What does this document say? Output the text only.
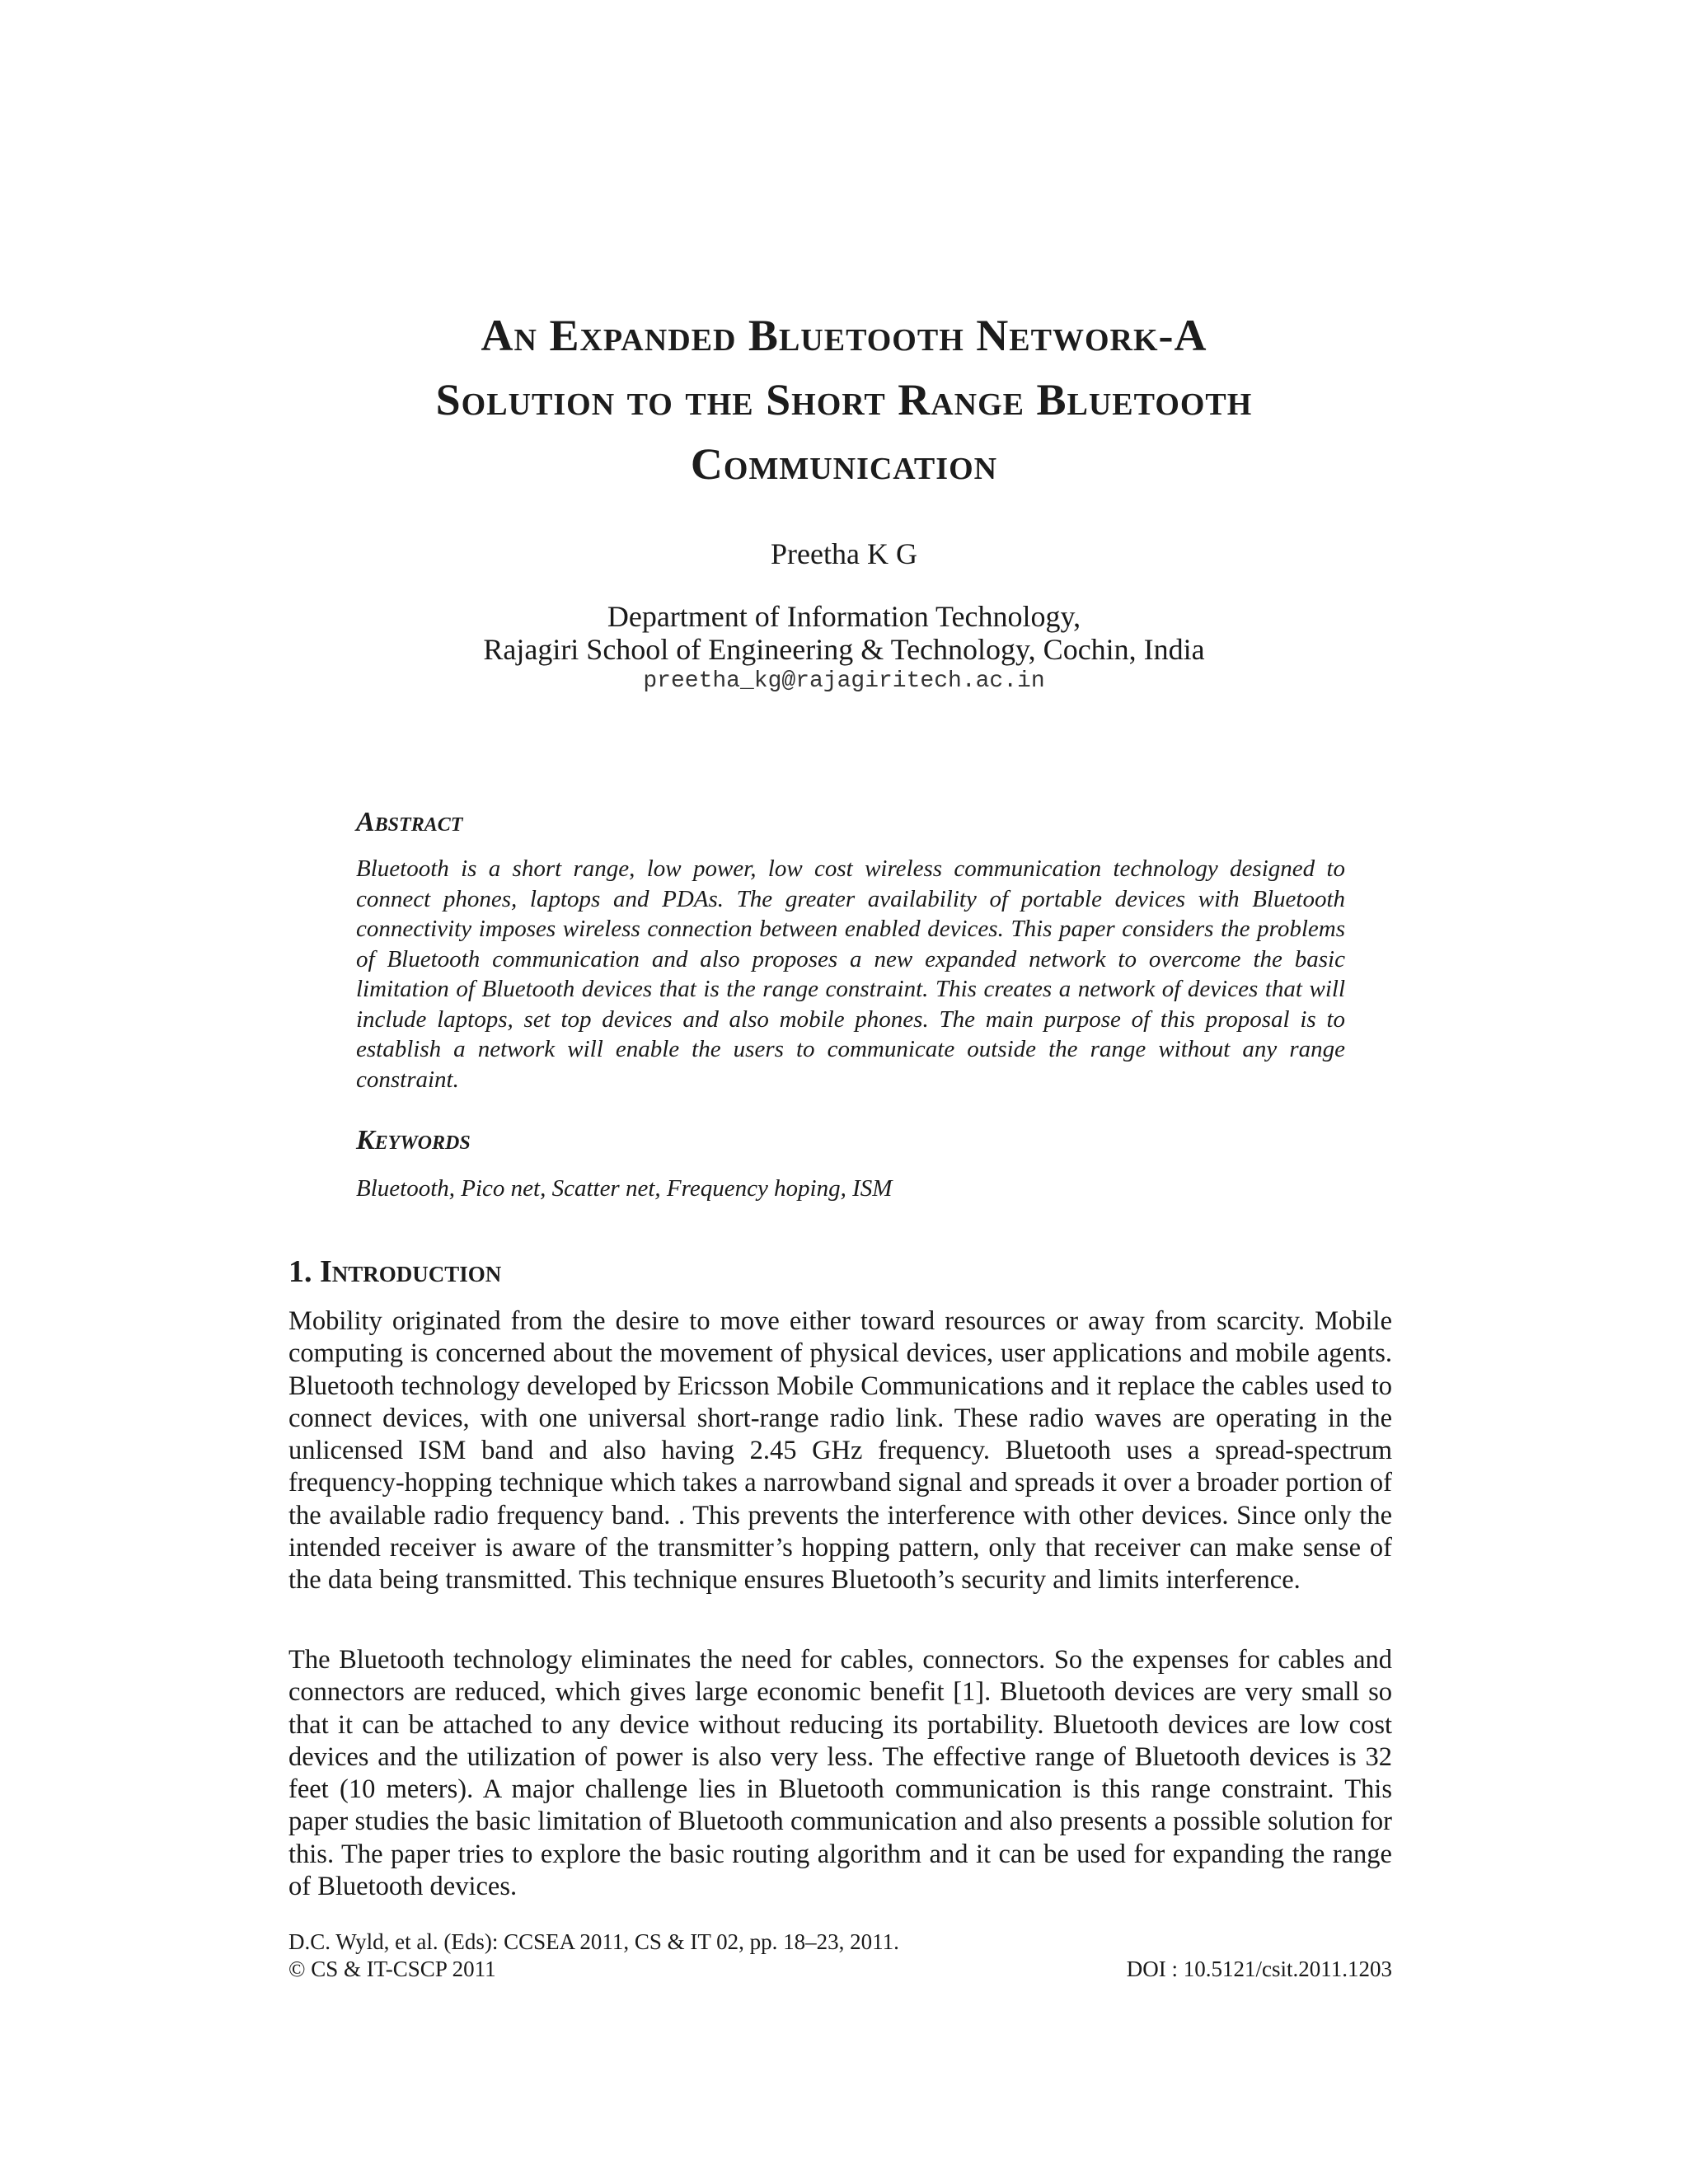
An Expanded Bluetooth Network-A
Solution to the Short Range Bluetooth
Communication
Preetha K G
Department of Information Technology,
Rajagiri School of Engineering & Technology, Cochin, India
preetha_kg@rajagiritech.ac.in
Abstract

Bluetooth is a short range, low power, low cost wireless communication technology designed to connect phones, laptops and PDAs. The greater availability of portable devices with Bluetooth connectivity imposes wireless connection between enabled devices. This paper considers the problems of Bluetooth communication and also proposes a new expanded network to overcome the basic limitation of Bluetooth devices that is the range constraint. This creates a network of devices that will include laptops, set top devices and also mobile phones. The main purpose of this proposal is to establish a network will enable the users to communicate outside the range without any range constraint.

Keywords

Bluetooth, Pico net, Scatter net, Frequency hoping, ISM

1. Introduction

Mobility originated from the desire to move either toward resources or away from scarcity. Mobile computing is concerned about the movement of physical devices, user applications and mobile agents. Bluetooth technology developed by Ericsson Mobile Communications and it replace the cables used to connect devices, with one universal short-range radio link. These radio waves are operating in the unlicensed ISM band and also having 2.45 GHz frequency. Bluetooth uses a spread-spectrum frequency-hopping technique which takes a narrowband signal and spreads it over a broader portion of the available radio frequency band. . This prevents the interference with other devices. Since only the intended receiver is aware of the transmitter’s hopping pattern, only that receiver can make sense of the data being transmitted. This technique ensures Bluetooth’s security and limits interference.

The Bluetooth technology eliminates the need for cables, connectors. So the expenses for cables and connectors are reduced, which gives large economic benefit [1]. Bluetooth devices are very small so that it can be attached to any device without reducing its portability. Bluetooth devices are low cost devices and the utilization of power is also very less. The effective range of Bluetooth devices is 32 feet (10 meters). A major challenge lies in Bluetooth communication is this range constraint. This paper studies the basic limitation of Bluetooth communication and also presents a possible solution for this. The paper tries to explore the basic routing algorithm and it can be used for expanding the range of Bluetooth devices.

D.C. Wyld, et al. (Eds): CCSEA 2011, CS & IT 02, pp. 18–23, 2011.
© CS & IT-CSCP 2011	DOI : 10.5121/csit.2011.1203
